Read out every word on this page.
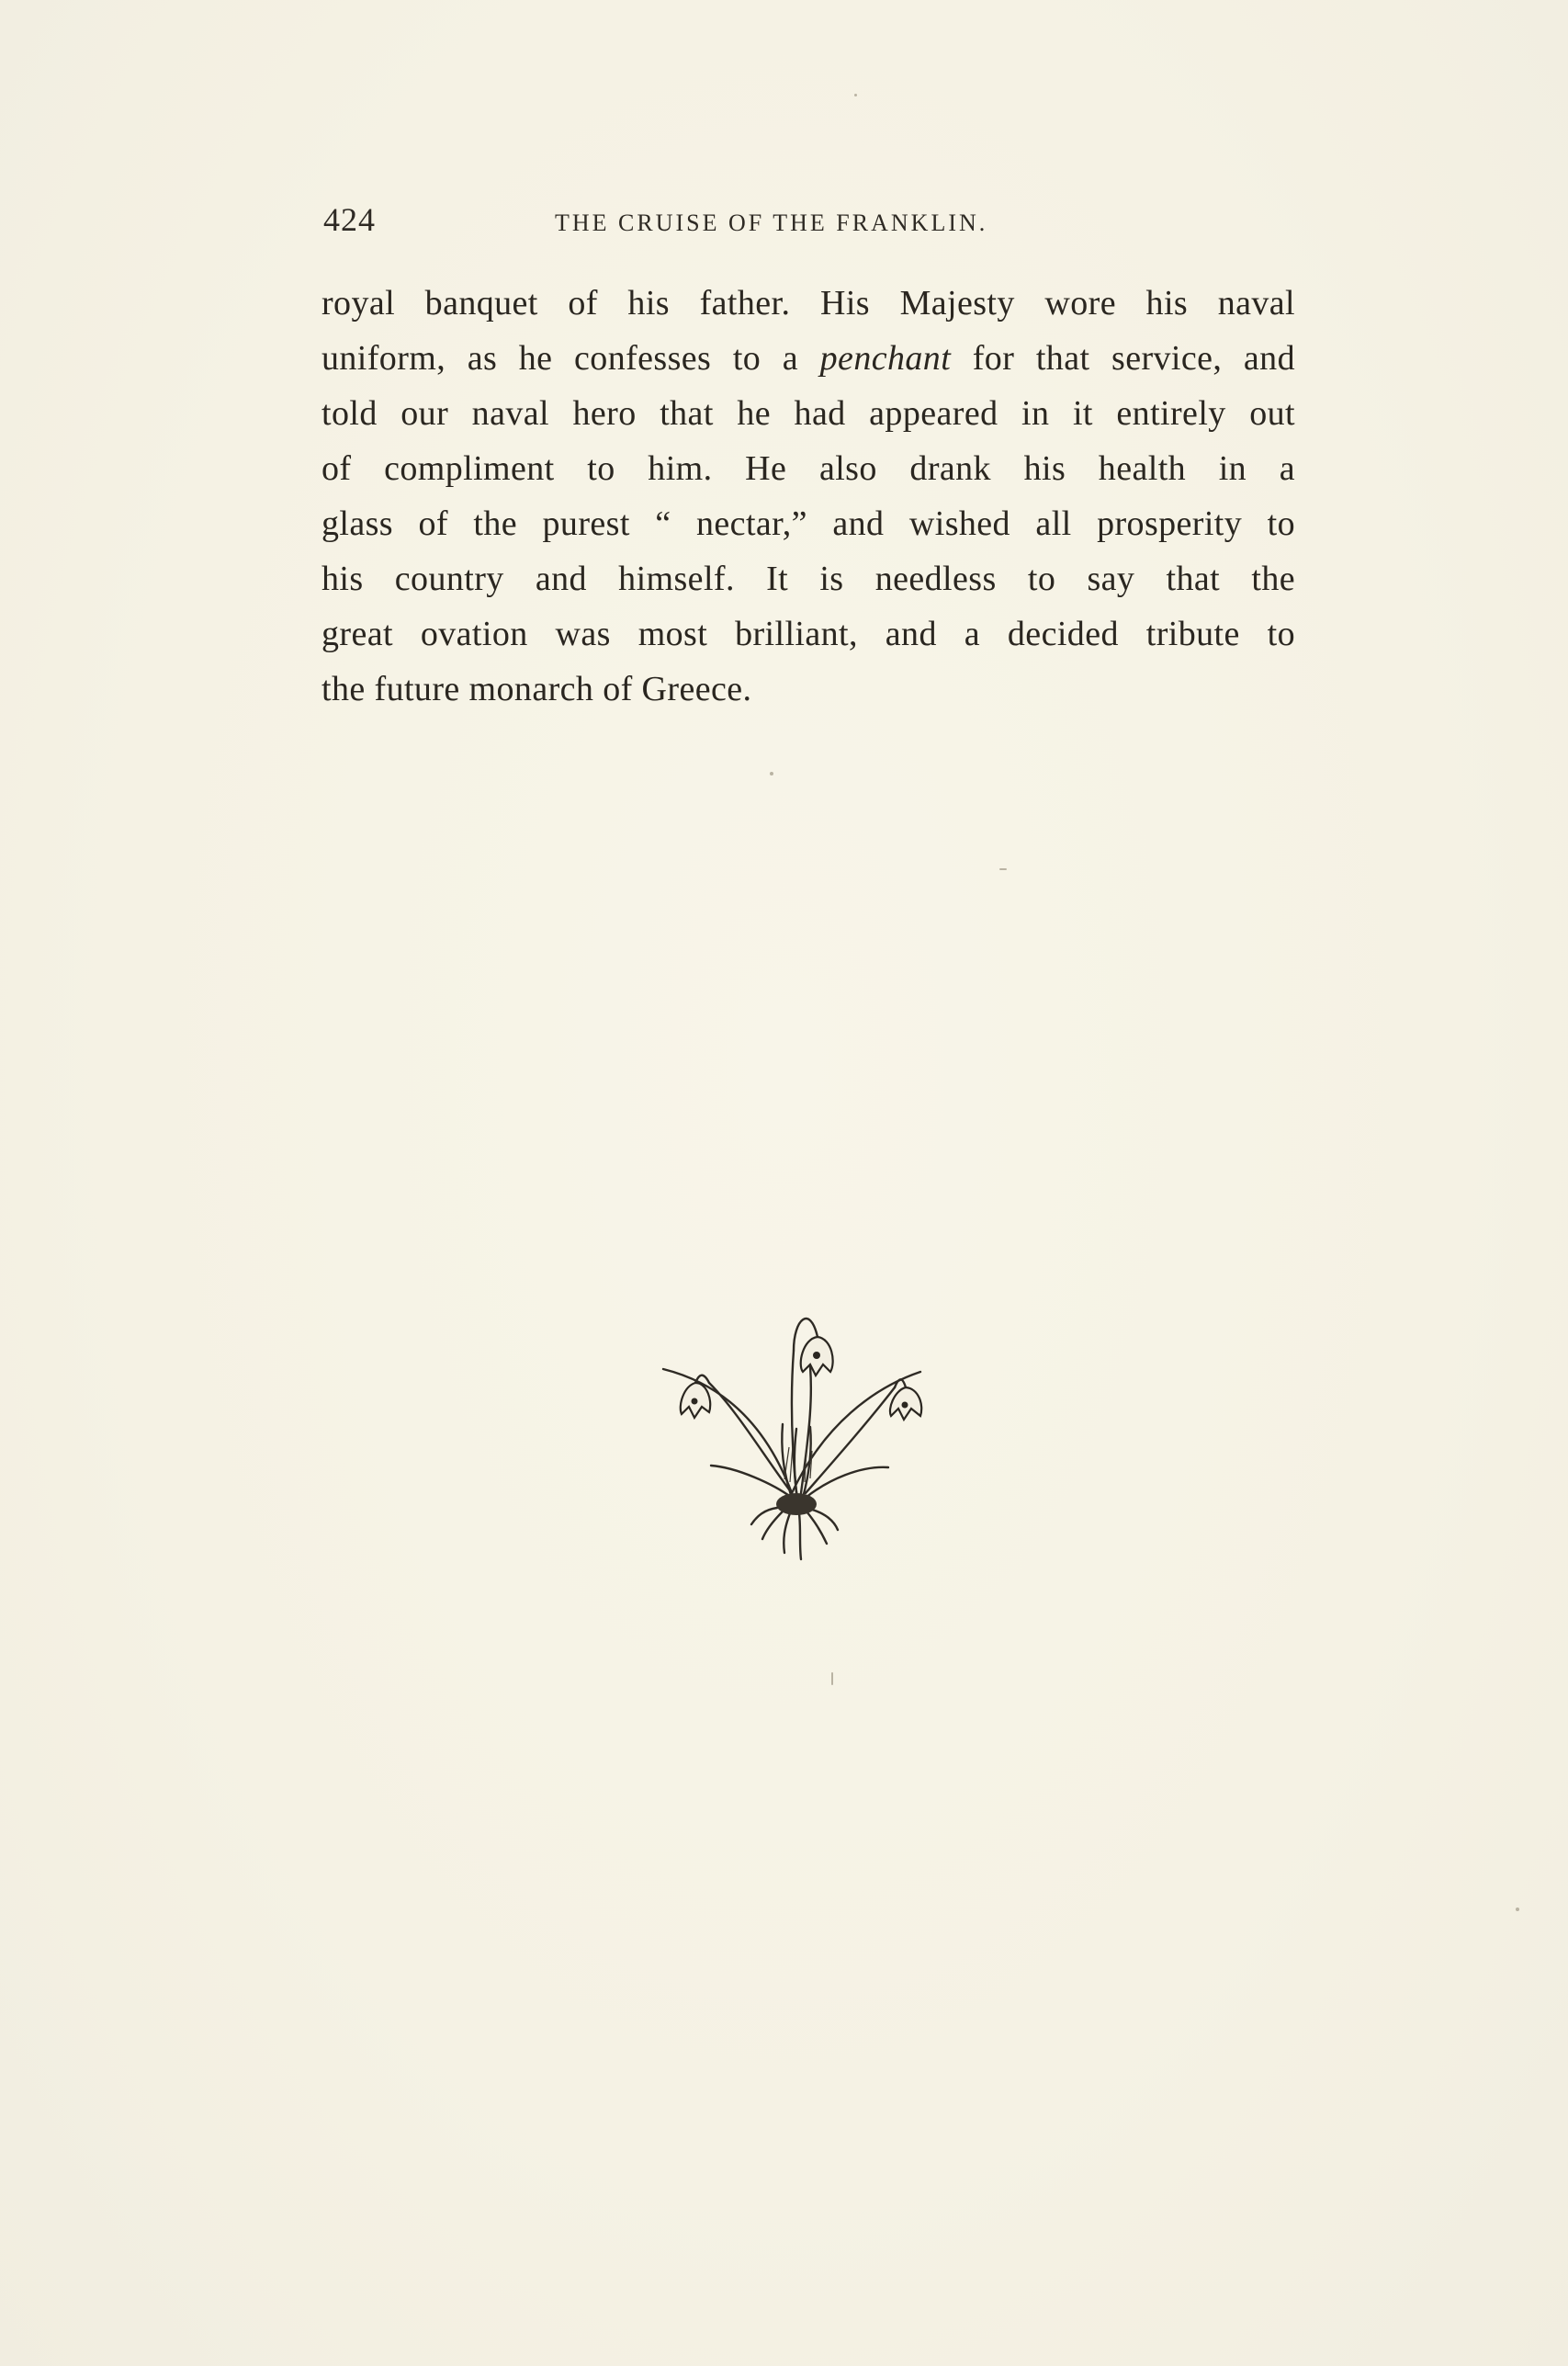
424	THE CRUISE OF THE FRANKLIN.
royal banquet of his father. His Majesty wore his naval
uniform, as he confesses to a penchant for that service, and
told our naval hero that he had appeared in it entirely out
of compliment to him. He also drank his health in a
glass of the purest “ nectar,” and wished all prosperity to
his country and himself. It is needless to say that the
great ovation was most brilliant, and a decided tribute to
the future monarch of Greece.
